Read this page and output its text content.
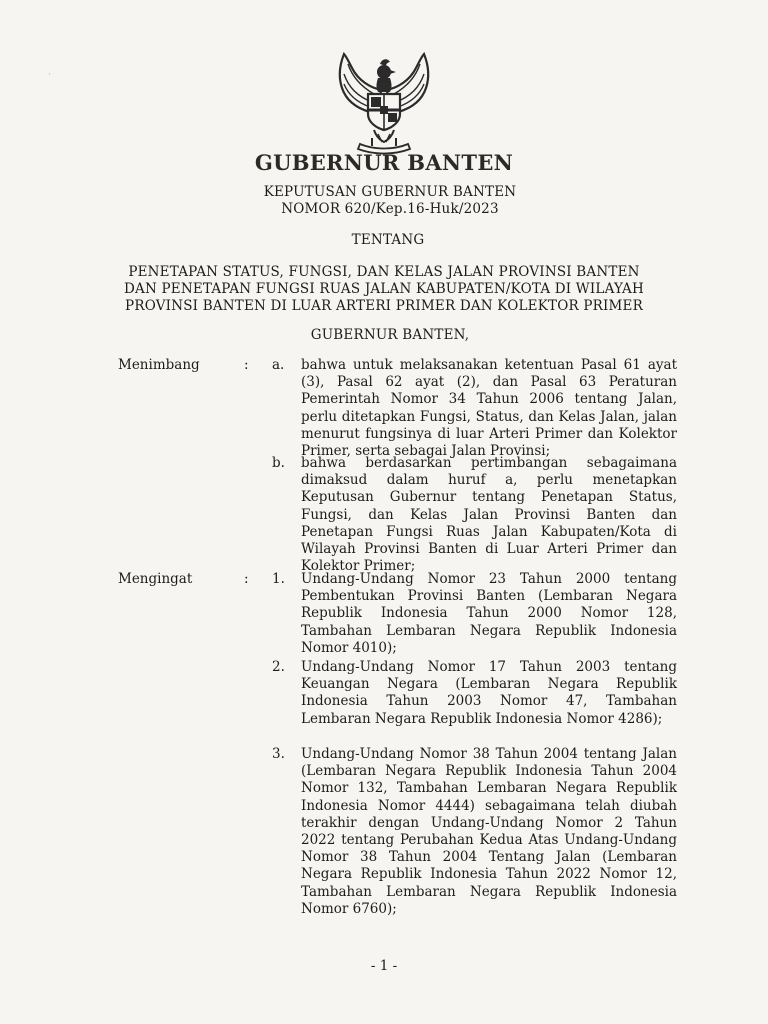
·
GUBERNUR BANTEN
KEPUTUSAN GUBERNUR BANTEN
NOMOR 620/Kep.16-Huk/2023
TENTANG
PENETAPAN STATUS, FUNGSI, DAN KELAS JALAN PROVINSI BANTEN
DAN PENETAPAN FUNGSI RUAS JALAN KABUPATEN/KOTA DI WILAYAH
PROVINSI BANTEN DI LUAR ARTERI PRIMER DAN KOLEKTOR PRIMER
GUBERNUR BANTEN,
Menimbang	: a.	bahwa untuk melaksanakan ketentuan Pasal 61 ayat (3), Pasal 62 ayat (2), dan Pasal 63 Peraturan Pemerintah Nomor 34 Tahun 2006 tentang Jalan, perlu ditetapkan Fungsi, Status, dan Kelas Jalan, jalan menurut fungsinya di luar Arteri Primer dan Kolektor Primer, serta sebagai Jalan Provinsi;
b.	bahwa berdasarkan pertimbangan sebagaimana dimaksud dalam huruf a, perlu menetapkan Keputusan Gubernur tentang Penetapan Status, Fungsi, dan Kelas Jalan Provinsi Banten dan Penetapan Fungsi Ruas Jalan Kabupaten/Kota di Wilayah Provinsi Banten di Luar Arteri Primer dan Kolektor Primer;
Mengingat	: 1.	Undang-Undang Nomor 23 Tahun 2000 tentang Pembentukan Provinsi Banten (Lembaran Negara Republik Indonesia Tahun 2000 Nomor 128, Tambahan Lembaran Negara Republik Indonesia Nomor 4010);
2.	Undang-Undang Nomor 17 Tahun 2003 tentang Keuangan Negara (Lembaran Negara Republik Indonesia Tahun 2003 Nomor 47, Tambahan Lembaran Negara Republik Indonesia Nomor 4286);
3.	Undang-Undang Nomor 38 Tahun 2004 tentang Jalan (Lembaran Negara Republik Indonesia Tahun 2004 Nomor 132, Tambahan Lembaran Negara Republik Indonesia Nomor 4444) sebagaimana telah diubah terakhir dengan Undang-Undang Nomor 2 Tahun 2022 tentang Perubahan Kedua Atas Undang-Undang Nomor 38 Tahun 2004 Tentang Jalan (Lembaran Negara Republik Indonesia Tahun 2022 Nomor 12, Tambahan Lembaran Negara Republik Indonesia Nomor 6760);
- 1 -
